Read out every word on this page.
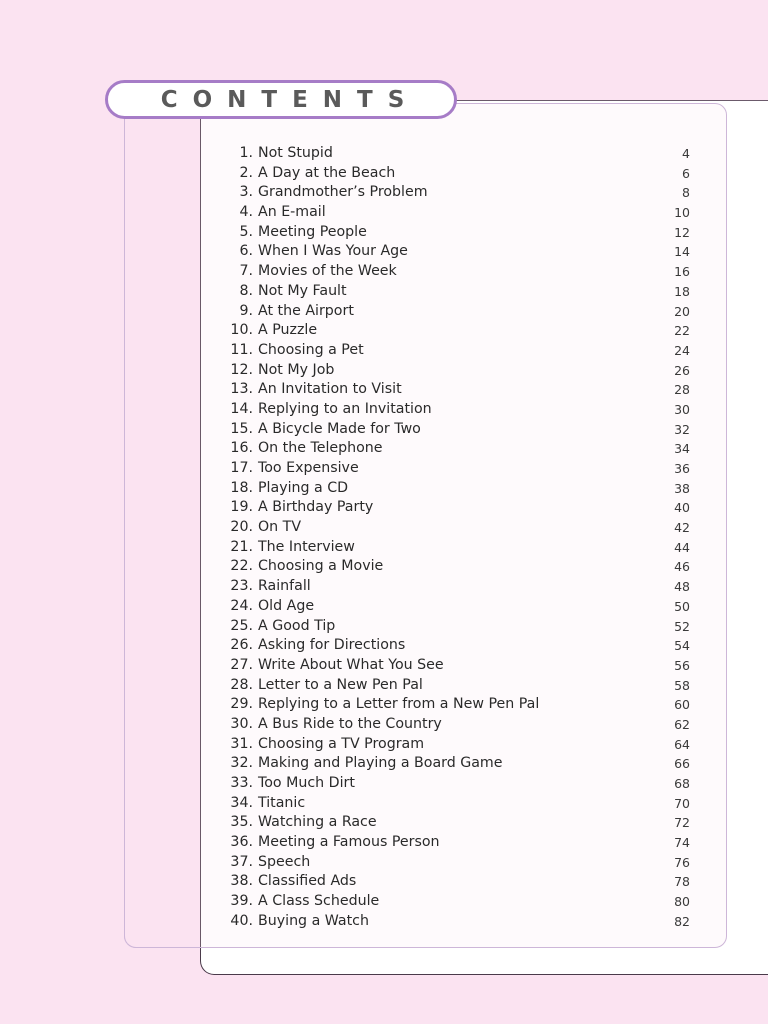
CONTENTS
1. Not Stupid	4
2. A Day at the Beach	6
3. Grandmother’s Problem	8
4. An E-mail	10
5. Meeting People	12
6. When I Was Your Age	14
7. Movies of the Week	16
8. Not My Fault	18
9. At the Airport	20
10. A Puzzle	22
11. Choosing a Pet	24
12. Not My Job	26
13. An Invitation to Visit	28
14. Replying to an Invitation	30
15. A Bicycle Made for Two	32
16. On the Telephone	34
17. Too Expensive	36
18. Playing a CD	38
19. A Birthday Party	40
20. On TV	42
21. The Interview	44
22. Choosing a Movie	46
23. Rainfall	48
24. Old Age	50
25. A Good Tip	52
26. Asking for Directions	54
27. Write About What You See	56
28. Letter to a New Pen Pal	58
29. Replying to a Letter from a New Pen Pal	60
30. A Bus Ride to the Country	62
31. Choosing a TV Program	64
32. Making and Playing a Board Game	66
33. Too Much Dirt	68
34. Titanic	70
35. Watching a Race	72
36. Meeting a Famous Person	74
37. Speech	76
38. Classified Ads	78
39. A Class Schedule	80
40. Buying a Watch	82
